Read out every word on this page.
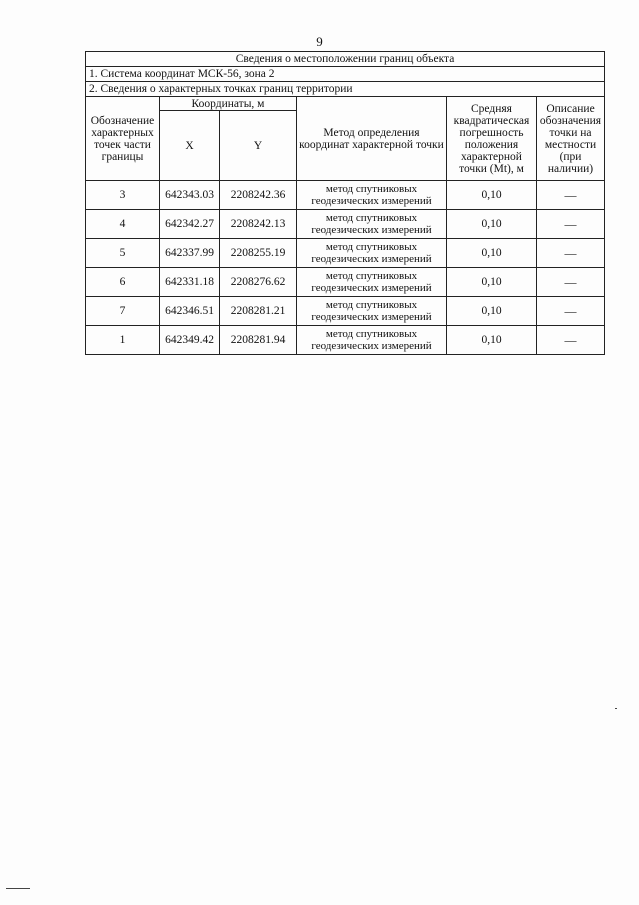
9
Сведения о местоположении границ объекта					
1. Система координат МСК-56, зона 2					
2. Сведения о характерных точках границ территории					
Обозначение характерных точек части границы	Координаты, м		Метод определения координат характерной точки	Средняя квадратическая погрешность положения характерной точки (Mt), м	Описание обозначения точки на местности (при наличии)
	X	Y			
3	642343.03	2208242.36	метод спутниковых геодезических измерений	0,10	—
4	642342.27	2208242.13	метод спутниковых геодезических измерений	0,10	—
5	642337.99	2208255.19	метод спутниковых геодезических измерений	0,10	—
6	642331.18	2208276.62	метод спутниковых геодезических измерений	0,10	—
7	642346.51	2208281.21	метод спутниковых геодезических измерений	0,10	—
1	642349.42	2208281.94	метод спутниковых геодезических измерений	0,10	—
